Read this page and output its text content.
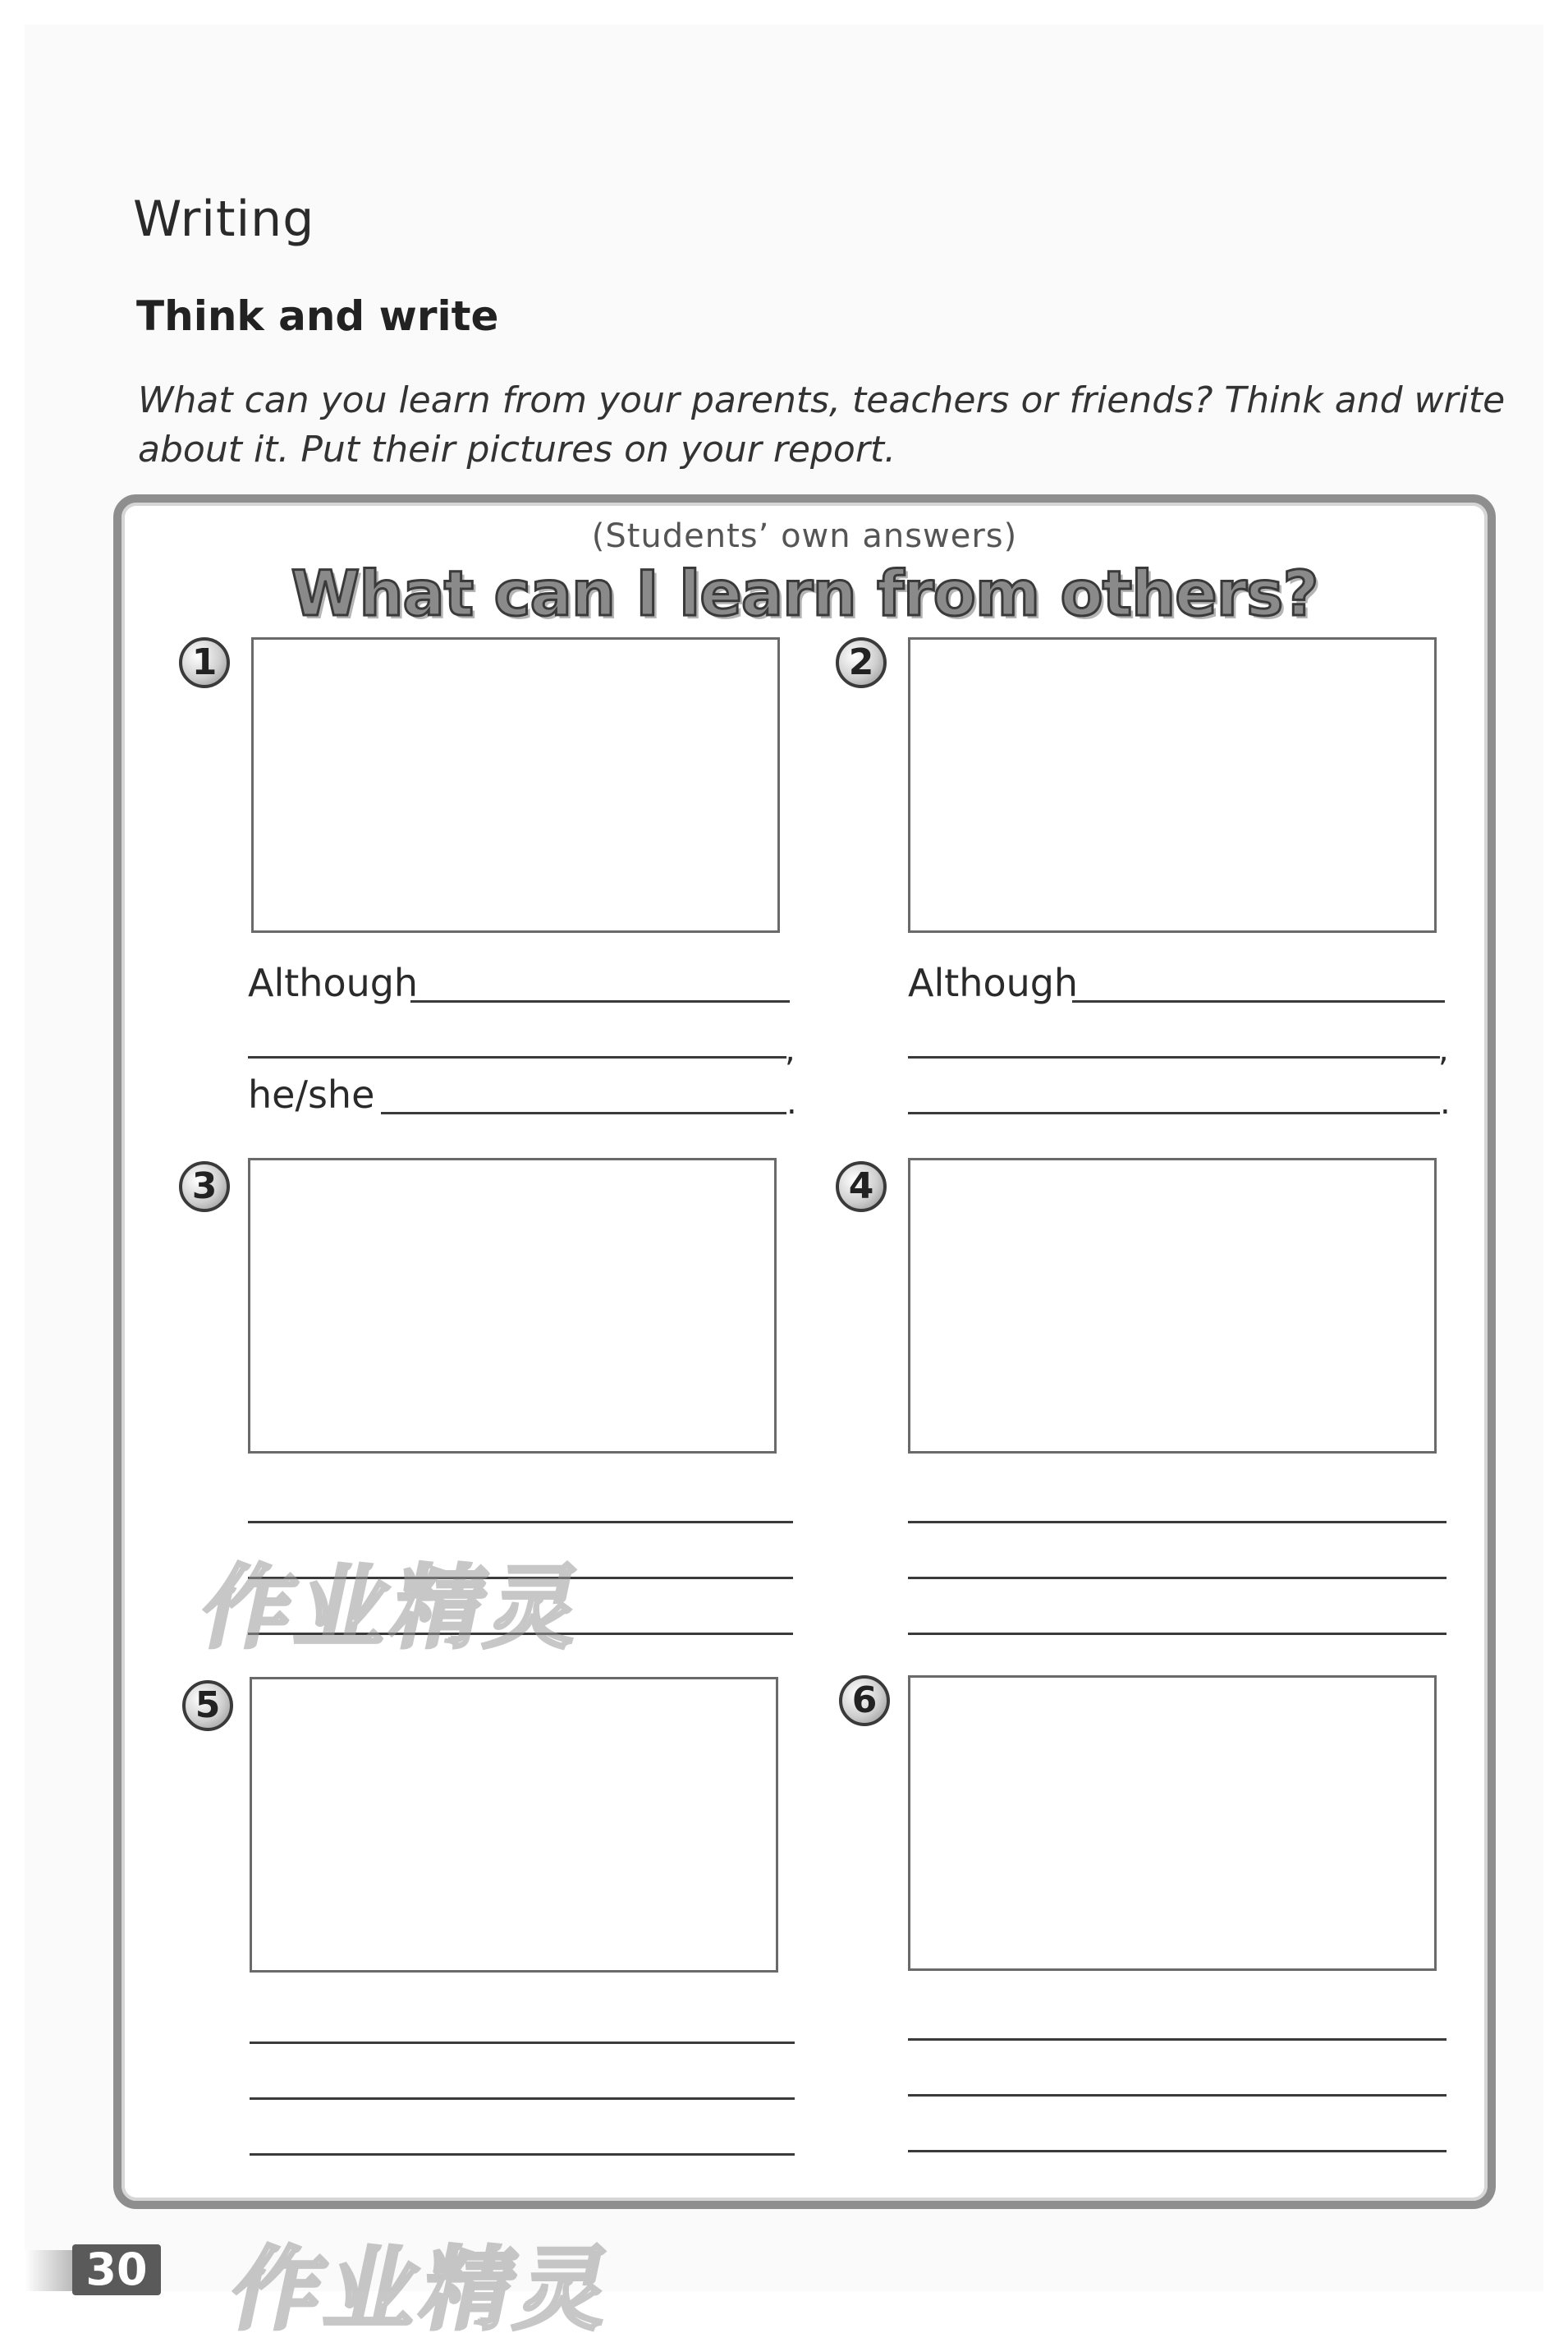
Writing
Think and write
What can you learn from your parents, teachers or friends? Think and write about it. Put their pictures on your report.
(Students’ own answers)
What can I learn from others?
1
Although
,
he/she	.
2
Although
,
.
3	4
5	6
作业精灵
作业精灵
30
